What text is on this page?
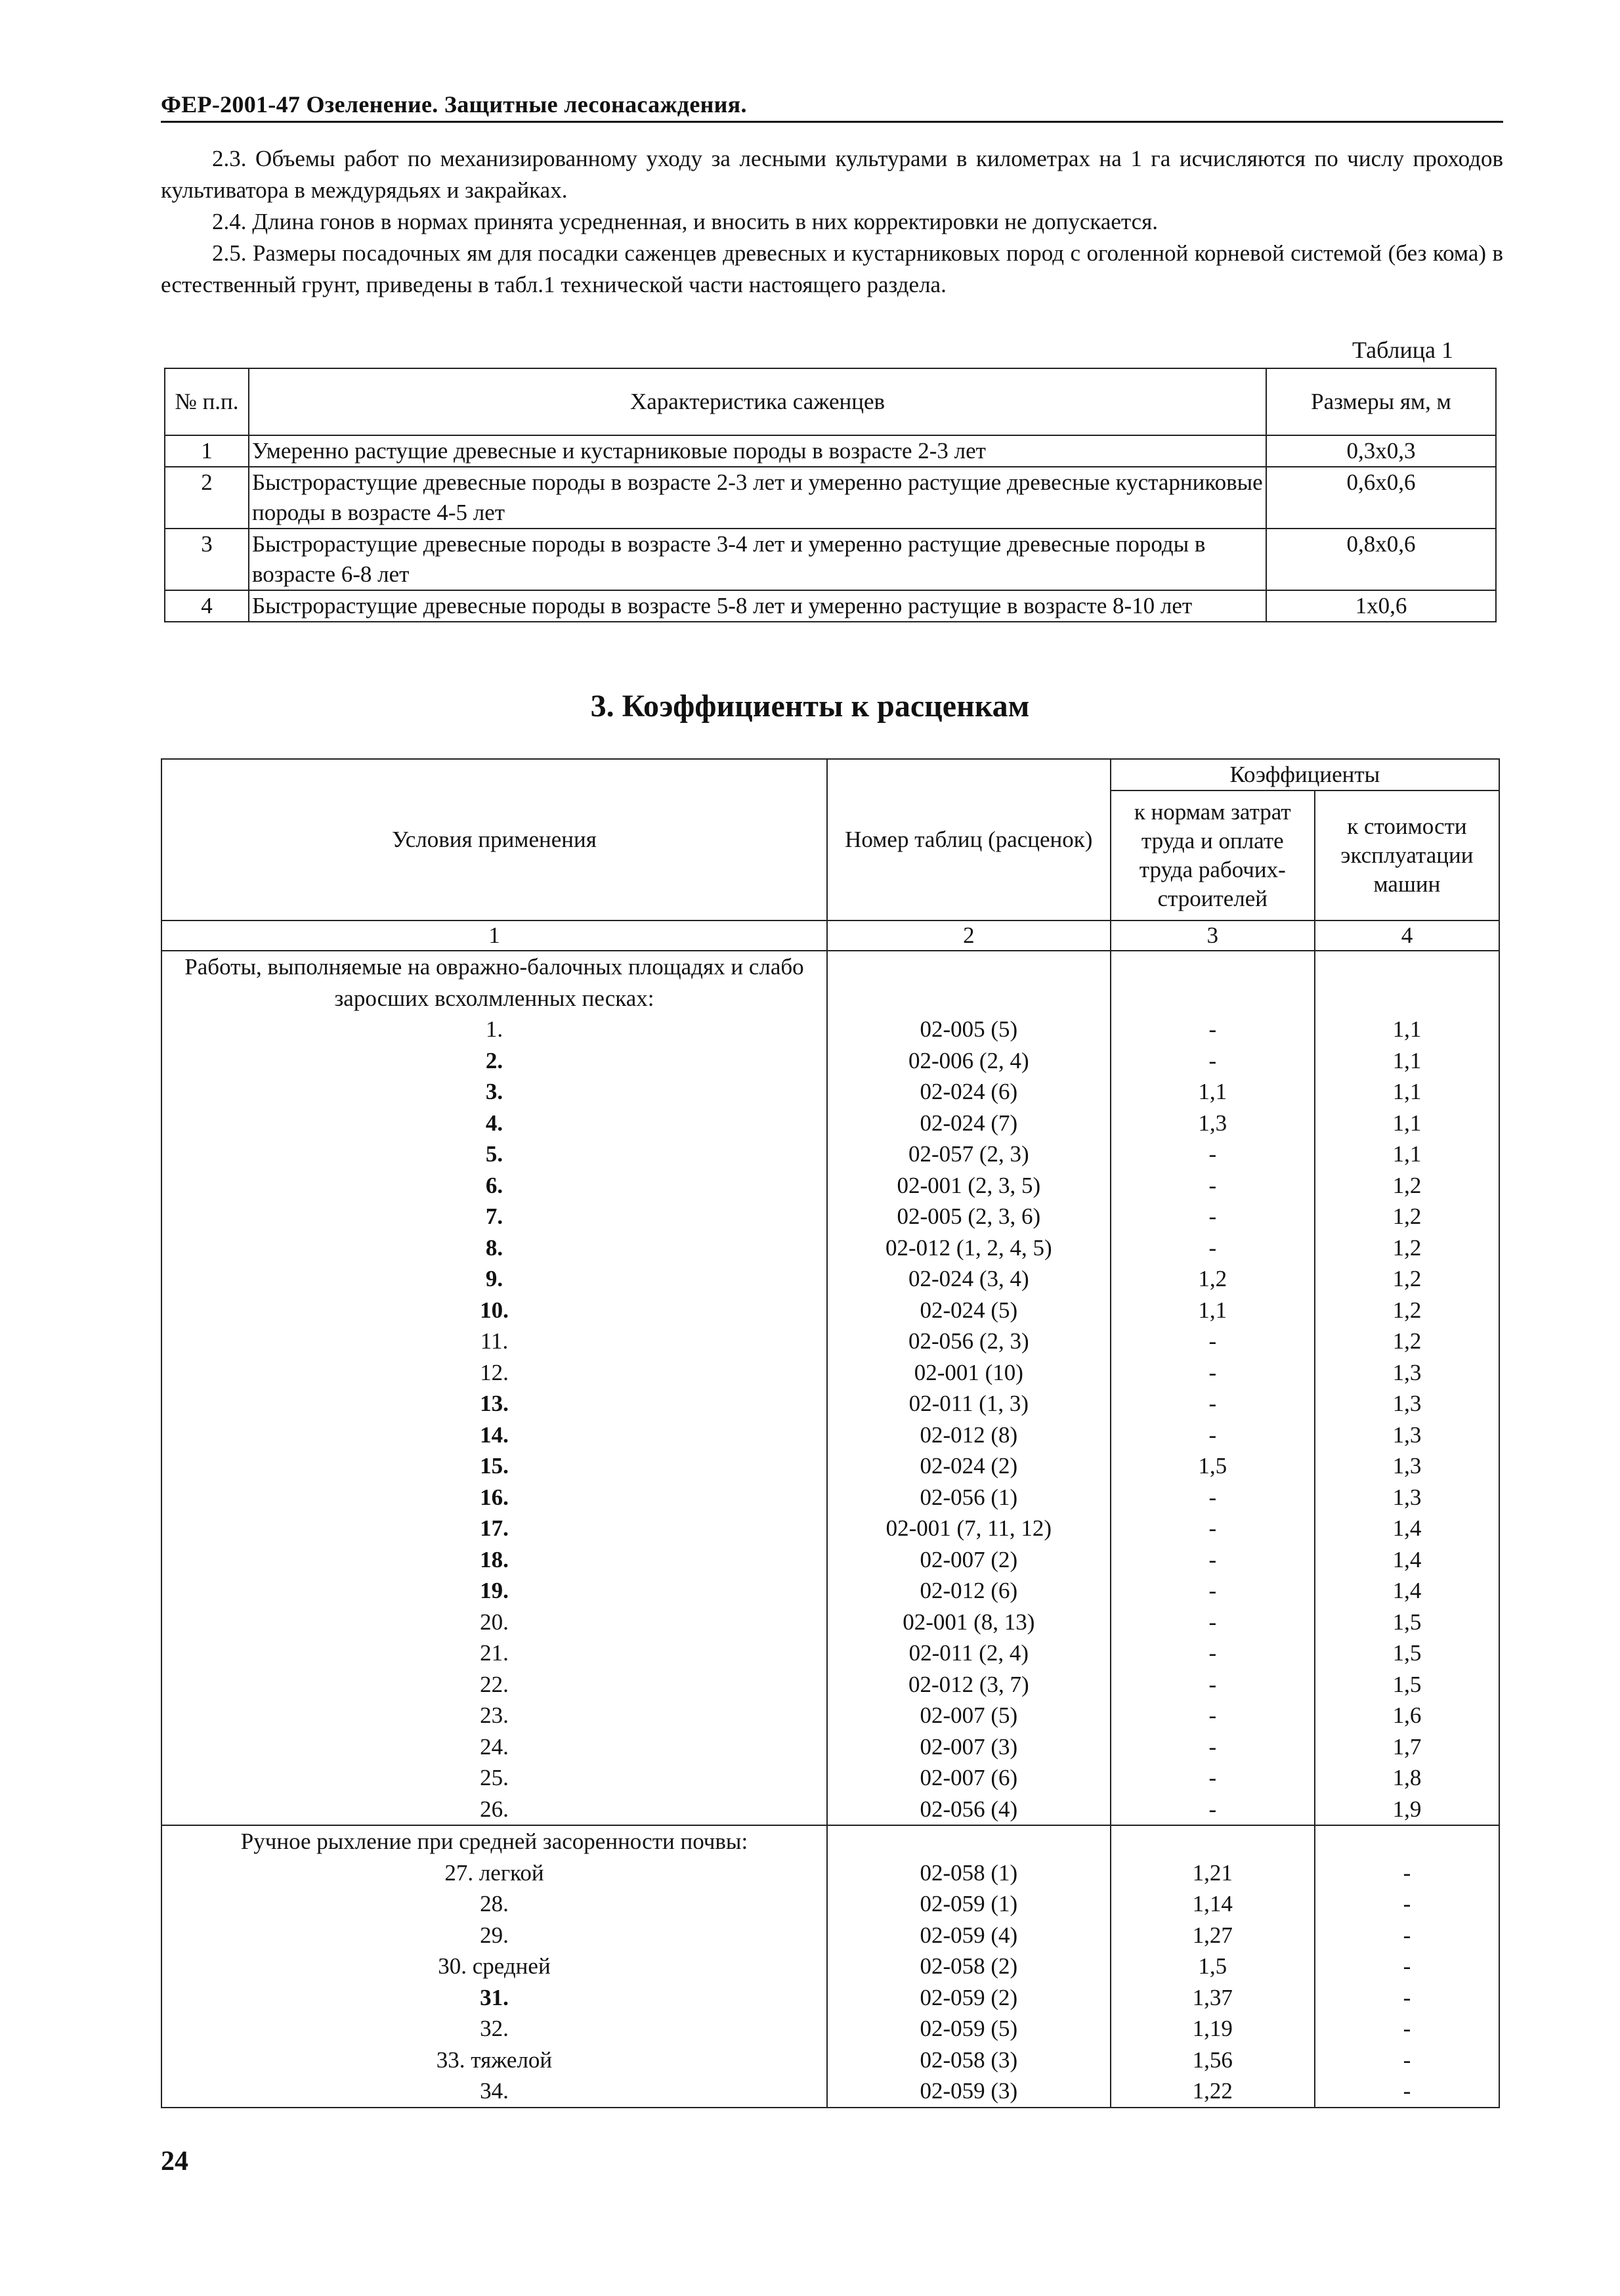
ФЕР-2001-47 Озеленение. Защитные лесонасаждения.

2.3. Объемы работ по механизированному уходу за лесными культурами в километрах на 1 га исчисляются по числу проходов культиватора в междурядьях и закрайках.

2.4. Длина гонов в нормах принята усредненная, и вносить в них корректировки не допускается.

2.5. Размеры посадочных ям для посадки саженцев древесных и кустарниковых пород с оголенной корневой системой (без кома) в естественный грунт, приведены в табл.1 технической части настоящего раздела.

Таблица 1
№ п.п.	Характеристика саженцев	Размеры ям, м
1	Умеренно растущие древесные и кустарниковые породы в возрасте 2-3 лет	0,3х0,3
2	Быстрорастущие древесные породы в возрасте 2-3 лет и умеренно растущие древесные кустарниковые породы в возрасте 4-5 лет	0,6х0,6
3	Быстрорастущие древесные породы в возрасте 3-4 лет и умеренно растущие древесные породы в возрасте 6-8 лет	0,8х0,6
4	Быстрорастущие древесные породы в возрасте 5-8 лет и умеренно растущие в возрасте 8-10 лет	1х0,6
3. Коэффициенты к расценкам
Условия применения	Номер таблиц (расценок)	Коэффициенты	
		к нормам затрат труда и оплате труда рабочих-строителей	к стоимости эксплуатации машин
1	2	3	4
Работы, выполняемые на овражно-балочных площадях и слабо заросших всхолмленных песках:			
1.	02-005 (5)	-	1,1
2.	02-006 (2, 4)	-	1,1
3.	02-024 (6)	1,1	1,1
4.	02-024 (7)	1,3	1,1
5.	02-057 (2, 3)	-	1,1
6.	02-001 (2, 3, 5)	-	1,2
7.	02-005 (2, 3, 6)	-	1,2
8.	02-012 (1, 2, 4, 5)	-	1,2
9.	02-024 (3, 4)	1,2	1,2
10.	02-024 (5)	1,1	1,2
11.	02-056 (2, 3)	-	1,2
12.	02-001 (10)	-	1,3
13.	02-011 (1, 3)	-	1,3
14.	02-012 (8)	-	1,3
15.	02-024 (2)	1,5	1,3
16.	02-056 (1)	-	1,3
17.	02-001 (7, 11, 12)	-	1,4
18.	02-007 (2)	-	1,4
19.	02-012 (6)	-	1,4
20.	02-001 (8, 13)	-	1,5
21.	02-011 (2, 4)	-	1,5
22.	02-012 (3, 7)	-	1,5
23.	02-007 (5)	-	1,6
24.	02-007 (3)	-	1,7
25.	02-007 (6)	-	1,8
26.	02-056 (4)	-	1,9
Ручное рыхление при средней засоренности почвы:			
27. легкой	02-058 (1)	1,21	-
28.	02-059 (1)	1,14	-
29.	02-059 (4)	1,27	-
30. средней	02-058 (2)	1,5	-
31.	02-059 (2)	1,37	-
32.	02-059 (5)	1,19	-
33. тяжелой	02-058 (3)	1,56	-
34.	02-059 (3)	1,22	-
24
